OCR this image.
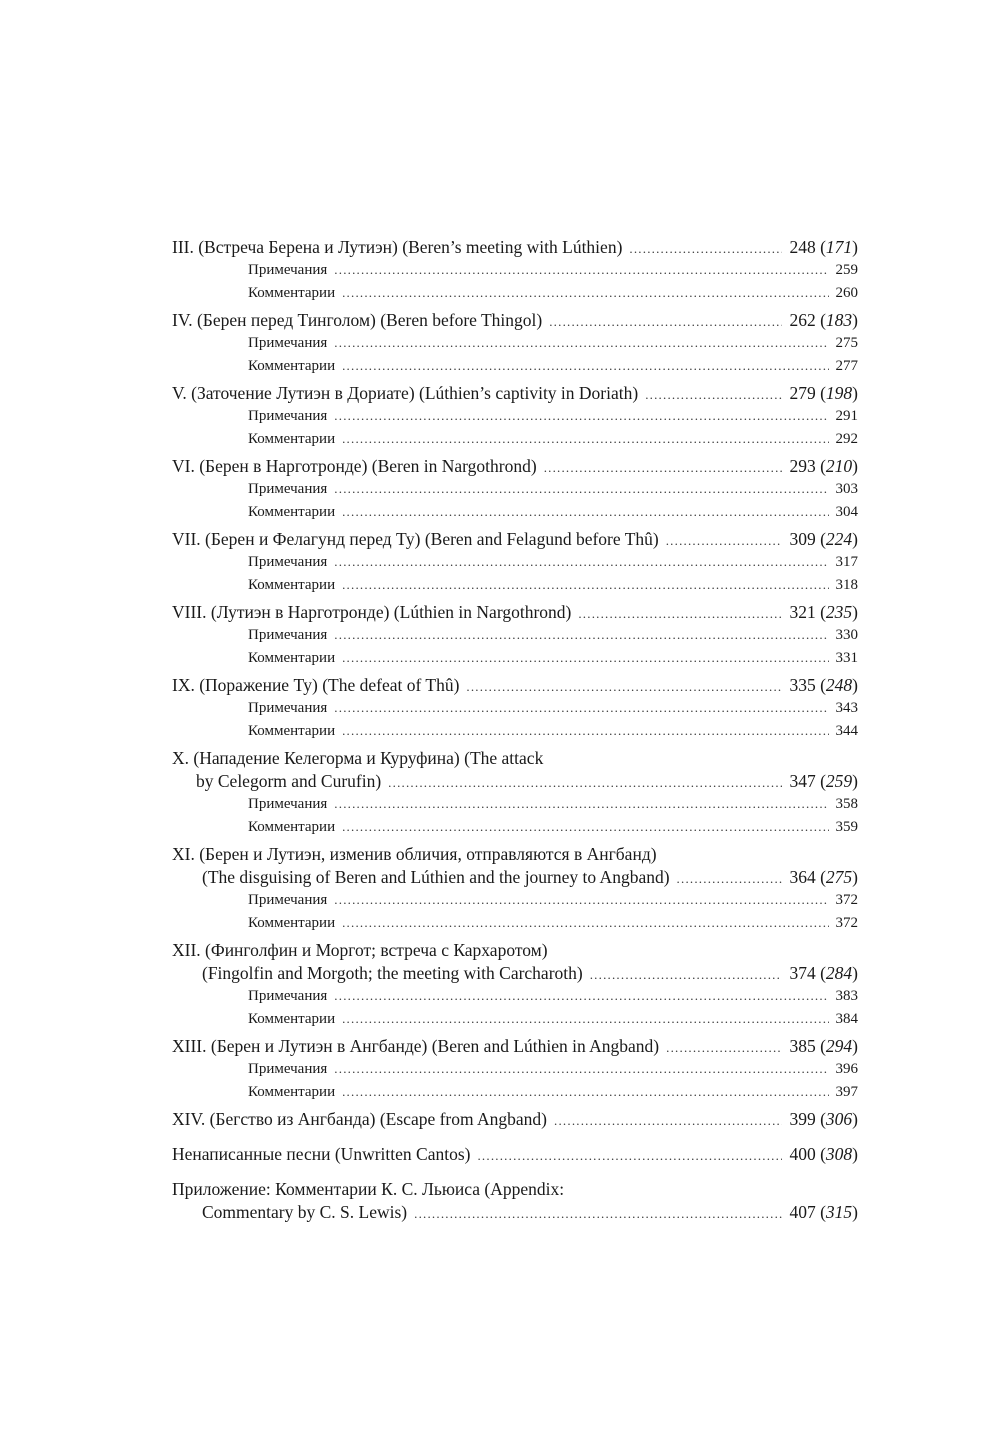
III. (Встреча Берена и Лутиэн) (Beren’s meeting with Lúthien) .....	248 (171)
Примечания .....	259
Комментарии .....	260
IV. (Берен перед Тинголом) (Beren before Thingol) .....	262 (183)
Примечания .....	275
Комментарии .....	277
V. (Заточение Лутиэн в Дориате) (Lúthien’s captivity in Doriath) .....	279 (198)
Примечания .....	291
Комментарии .....	292
VI. (Берен в Нарготронде) (Beren in Nargothrond) .....	293 (210)
Примечания .....	303
Комментарии .....	304
VII. (Берен и Фелагунд перед Ту) (Beren and Felagund before Thû) .....	309 (224)
Примечания .....	317
Комментарии .....	318
VIII. (Лутиэн в Нарготронде) (Lúthien in Nargothrond) .....	321 (235)
Примечания .....	330
Комментарии .....	331
IX. (Поражение Ту) (The defeat of Thû) .....	335 (248)
Примечания .....	343
Комментарии .....	344
X. (Нападение Келегорма и Куруфина) (The attack
by Celegorm and Curufin) .....	347 (259)
Примечания .....	358
Комментарии .....	359
XI. (Берен и Лутиэн, изменив обличия, отправляются в Ангбанд)
(The disguising of Beren and Lúthien and the journey to Angband) .....	364 (275)
Примечания .....	372
Комментарии .....	372
XII. (Финголфин и Моргот; встреча с Кархаротом)
(Fingolfin and Morgoth; the meeting with Carcharoth) .....	374 (284)
Примечания .....	383
Комментарии .....	384
XIII. (Берен и Лутиэн в Ангбанде) (Beren and Lúthien in Angband) .....	385 (294)
Примечания .....	396
Комментарии .....	397
XIV. (Бегство из Ангбанда) (Escape from Angband) .....	399 (306)
Ненаписанные песни (Unwritten Cantos) .....	400 (308)
Приложение: Комментарии К. С. Льюиса (Appendix:
Commentary by C. S. Lewis) .....	407 (315)
